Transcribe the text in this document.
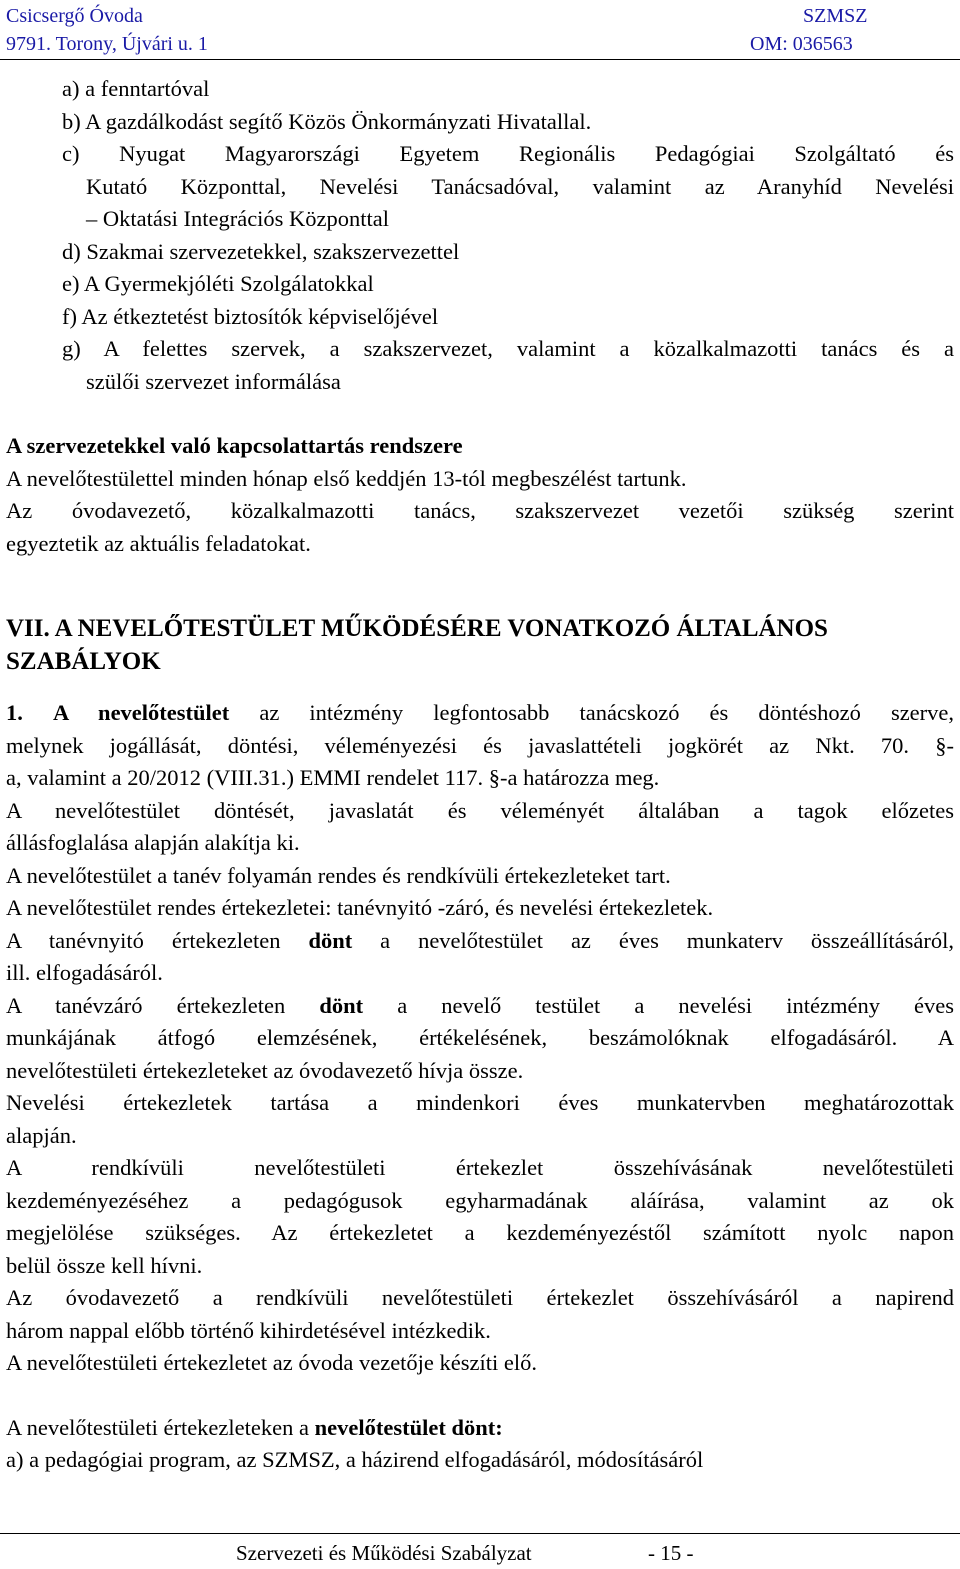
Csicsergő Óvoda	SZMSZ
9791. Torony, Újvári u. 1	OM: 036563
a) a fenntartóval
b) A gazdálkodást segítő Közös Önkormányzati Hivatallal.
c) Nyugat Magyarországi Egyetem Regionális Pedagógiai Szolgáltató és
Kutató Központtal, Nevelési Tanácsadóval, valamint az Aranyhíd Nevelési
– Oktatási Integrációs Központtal
d) Szakmai szervezetekkel, szakszervezettel
e) A Gyermekjóléti Szolgálatokkal
f) Az étkeztetést biztosítók képviselőjével
g) A felettes szervek, a szakszervezet, valamint a közalkalmazotti tanács és a
szülői szervezet informálása
A szervezetekkel való kapcsolattartás rendszere
A nevelőtestülettel minden hónap első keddjén 13-tól megbeszélést tartunk.
Az óvodavezető, közalkalmazotti tanács, szakszervezet vezetői szükség szerint
egyeztetik az aktuális feladatokat.
VII. A NEVELŐTESTÜLET MŰKÖDÉSÉRE VONATKOZÓ ÁLTALÁNOS
SZABÁLYOK
1. A nevelőtestület az intézmény legfontosabb tanácskozó és döntéshozó szerve,
melynek jogállását, döntési, véleményezési és javaslattételi jogkörét az Nkt. 70. §-
a, valamint a 20/2012 (VIII.31.) EMMI rendelet 117. §-a határozza meg.
A nevelőtestület döntését, javaslatát és véleményét általában a tagok előzetes
állásfoglalása alapján alakítja ki.
A nevelőtestület a tanév folyamán rendes és rendkívüli értekezleteket tart.
A nevelőtestület rendes értekezletei: tanévnyitó -záró, és nevelési értekezletek.
A tanévnyitó értekezleten dönt a nevelőtestület az éves munkaterv összeállításáról,
ill. elfogadásáról.
A tanévzáró értekezleten dönt a nevelő testület a nevelési intézmény éves
munkájának átfogó elemzésének, értékelésének, beszámolóknak elfogadásáról. A
nevelőtestületi értekezleteket az óvodavezető hívja össze.
Nevelési értekezletek tartása a mindenkori éves munkatervben meghatározottak
alapján.
A rendkívüli nevelőtestületi értekezlet összehívásának nevelőtestületi
kezdeményezéséhez a pedagógusok egyharmadának aláírása, valamint az ok
megjelölése szükséges. Az értekezletet a kezdeményezéstől számított nyolc napon
belül össze kell hívni.
Az óvodavezető a rendkívüli nevelőtestületi értekezlet összehívásáról a napirend
három nappal előbb történő kihirdetésével intézkedik.
A nevelőtestületi értekezletet az óvoda vezetője készíti elő.
A nevelőtestületi értekezleteken a nevelőtestület dönt:
a) a pedagógiai program, az SZMSZ, a házirend elfogadásáról, módosításáról
Szervezeti és Működési Szabályzat	- 15 -
